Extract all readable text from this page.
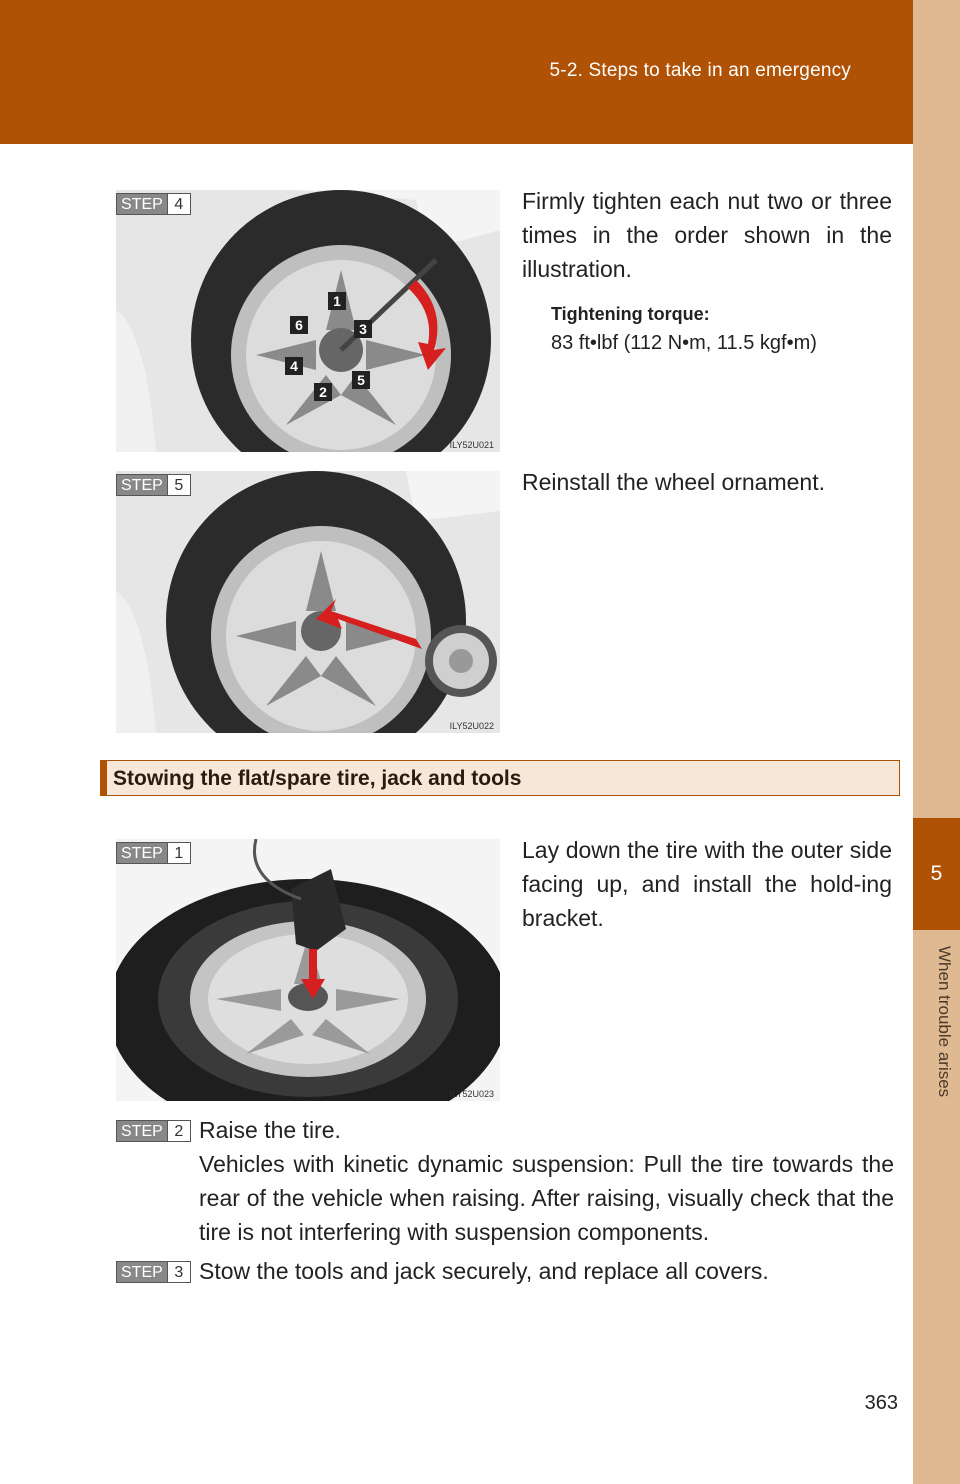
5-2. Steps to take in an emergency
5
When trouble arises
ILY52U021
1
2
3
4
5
6
STEP 4	Firmly tighten each nut two or three times in the order shown in the illustration.
Tightening torque:
83 ft•lbf (112 N•m, 11.5 kgf•m)
ILY52U022
STEP 5	Reinstall the wheel ornament.
Stowing the flat/spare tire, jack and tools
ILY52U023
STEP 1	Lay down the tire with the outer side facing up, and install the hold-ing bracket.
STEP 2 Raise the tire.
Vehicles with kinetic dynamic suspension: Pull the tire towards the rear of the vehicle when raising. After raising, visually check that the tire is not interfering with suspension components.
STEP 3 Stow the tools and jack securely, and replace all covers.
363
